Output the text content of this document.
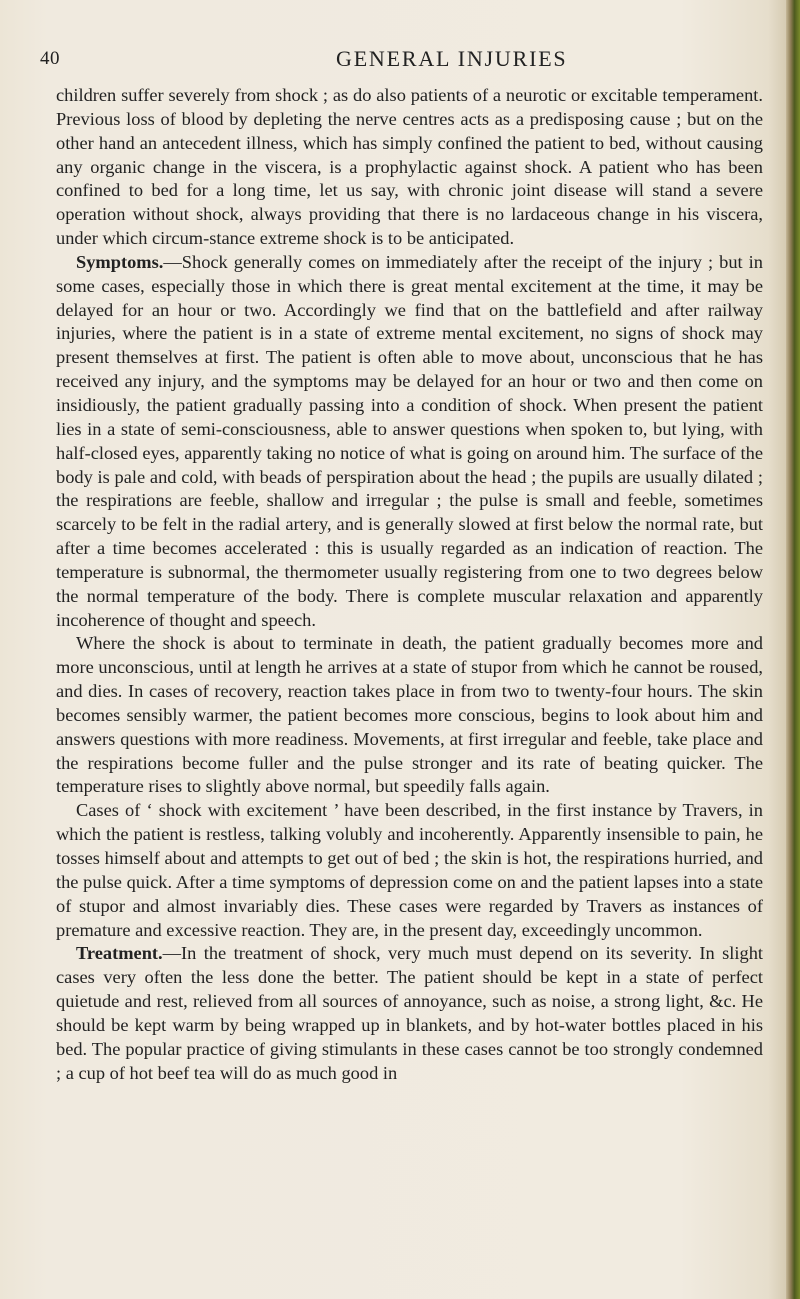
40	GENERAL INJURIES

children suffer severely from shock ; as do also patients of a neurotic or excitable temperament. Previous loss of blood by depleting the nerve centres acts as a predisposing cause ; but on the other hand an antecedent illness, which has simply confined the patient to bed, without causing any organic change in the viscera, is a prophylactic against shock. A patient who has been confined to bed for a long time, let us say, with chronic joint disease will stand a severe operation without shock, always providing that there is no lardaceous change in his viscera, under which circum-stance extreme shock is to be anticipated.

Symptoms.—Shock generally comes on immediately after the receipt of the injury ; but in some cases, especially those in which there is great mental excitement at the time, it may be delayed for an hour or two. Accordingly we find that on the battlefield and after railway injuries, where the patient is in a state of extreme mental excitement, no signs of shock may present themselves at first. The patient is often able to move about, unconscious that he has received any injury, and the symptoms may be delayed for an hour or two and then come on insidiously, the patient gradually passing into a condition of shock. When present the patient lies in a state of semi-consciousness, able to answer questions when spoken to, but lying, with half-closed eyes, apparently taking no notice of what is going on around him. The surface of the body is pale and cold, with beads of perspiration about the head ; the pupils are usually dilated ; the respirations are feeble, shallow and irregular ; the pulse is small and feeble, sometimes scarcely to be felt in the radial artery, and is generally slowed at first below the normal rate, but after a time becomes accelerated : this is usually regarded as an indication of reaction. The temperature is subnormal, the thermometer usually registering from one to two degrees below the normal temperature of the body. There is complete muscular relaxation and apparently incoherence of thought and speech.

Where the shock is about to terminate in death, the patient gradually becomes more and more unconscious, until at length he arrives at a state of stupor from which he cannot be roused, and dies. In cases of recovery, reaction takes place in from two to twenty-four hours. The skin becomes sensibly warmer, the patient becomes more conscious, begins to look about him and answers questions with more readiness. Movements, at first irregular and feeble, take place and the respirations become fuller and the pulse stronger and its rate of beating quicker. The temperature rises to slightly above normal, but speedily falls again.

Cases of ‘ shock with excitement ’ have been described, in the first instance by Travers, in which the patient is restless, talking volubly and incoherently. Apparently insensible to pain, he tosses himself about and attempts to get out of bed ; the skin is hot, the respirations hurried, and the pulse quick. After a time symptoms of depression come on and the patient lapses into a state of stupor and almost invariably dies. These cases were regarded by Travers as instances of premature and excessive reaction. They are, in the present day, exceedingly uncommon.

Treatment.—In the treatment of shock, very much must depend on its severity. In slight cases very often the less done the better. The patient should be kept in a state of perfect quietude and rest, relieved from all sources of annoyance, such as noise, a strong light, &c. He should be kept warm by being wrapped up in blankets, and by hot-water bottles placed in his bed. The popular practice of giving stimulants in these cases cannot be too strongly condemned ; a cup of hot beef tea will do as much good in
